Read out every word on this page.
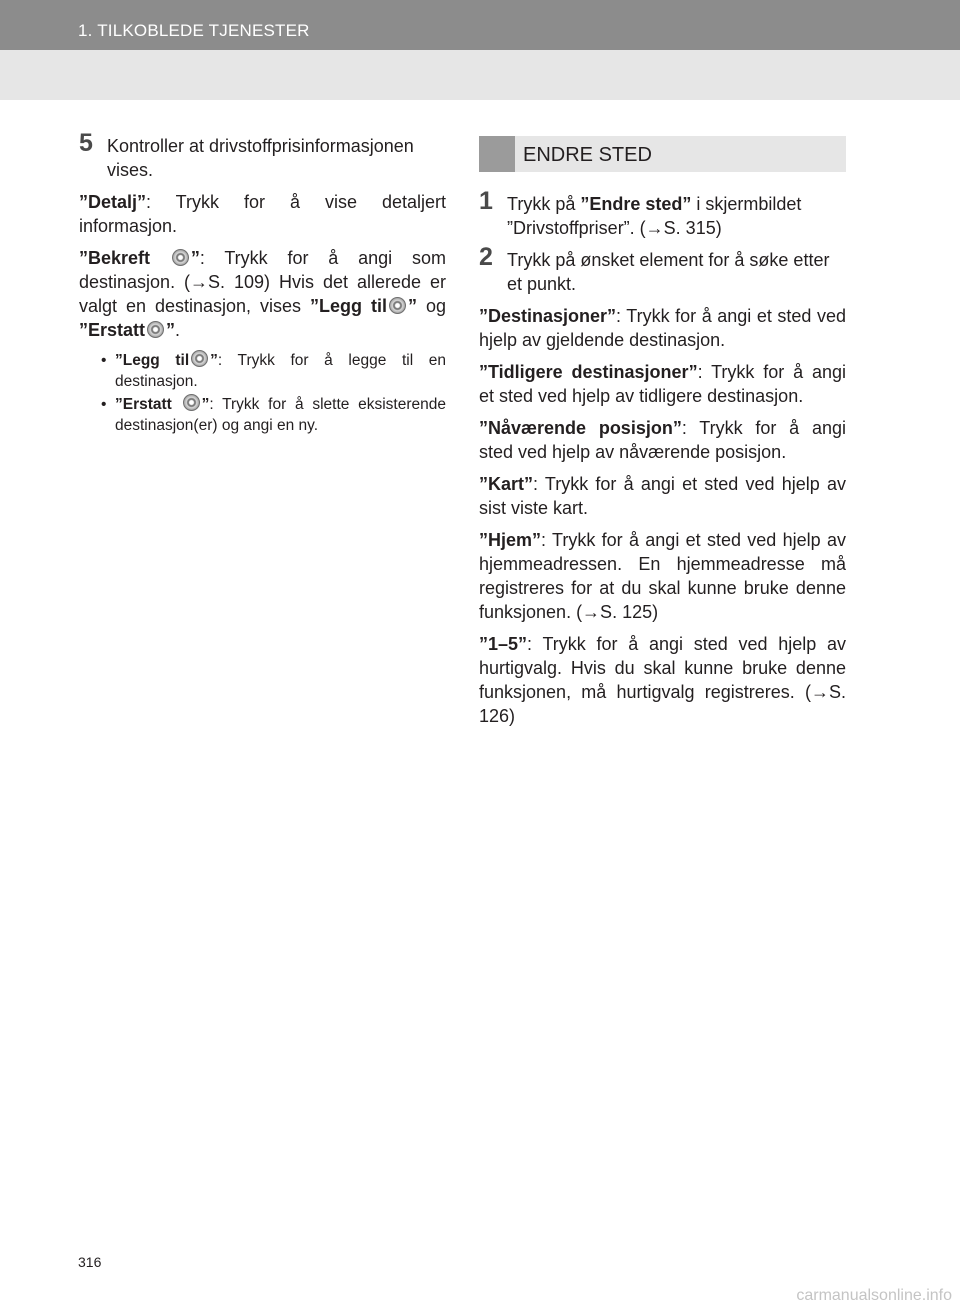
1. TILKOBLEDE TJENESTER

5 Kontroller at drivstoffprisinformasjonen vises.

”Detalj”: Trykk for å vise detaljert informasjon.

”Bekreft ”: Trykk for å angi som destinasjon. (→S. 109) Hvis det allerede er valgt en destinasjon, vises ”Legg til ” og ”Erstatt ”.

• ”Legg til ”: Trykk for å legge til en destinasjon.

• ”Erstatt ”: Trykk for å slette eksisterende destinasjon(er) og angi en ny.

ENDRE STED

1 Trykk på ”Endre sted” i skjermbildet ”Drivstoffpriser”. (→S. 315)

2 Trykk på ønsket element for å søke etter et punkt.

”Destinasjoner”: Trykk for å angi et sted ved hjelp av gjeldende destinasjon.

”Tidligere destinasjoner”: Trykk for å angi et sted ved hjelp av tidligere destinasjon.

”Nåværende posisjon”: Trykk for å angi sted ved hjelp av nåværende posisjon.

”Kart”: Trykk for å angi et sted ved hjelp av sist viste kart.

”Hjem”: Trykk for å angi et sted ved hjelp av hjemmeadressen. En hjemmeadresse må registreres for at du skal kunne bruke denne funksjonen. (→S. 125)

”1–5”: Trykk for å angi sted ved hjelp av hurtigvalg. Hvis du skal kunne bruke denne funksjonen, må hurtigvalg registreres. (→S. 126)

316
carmanualsonline.info
